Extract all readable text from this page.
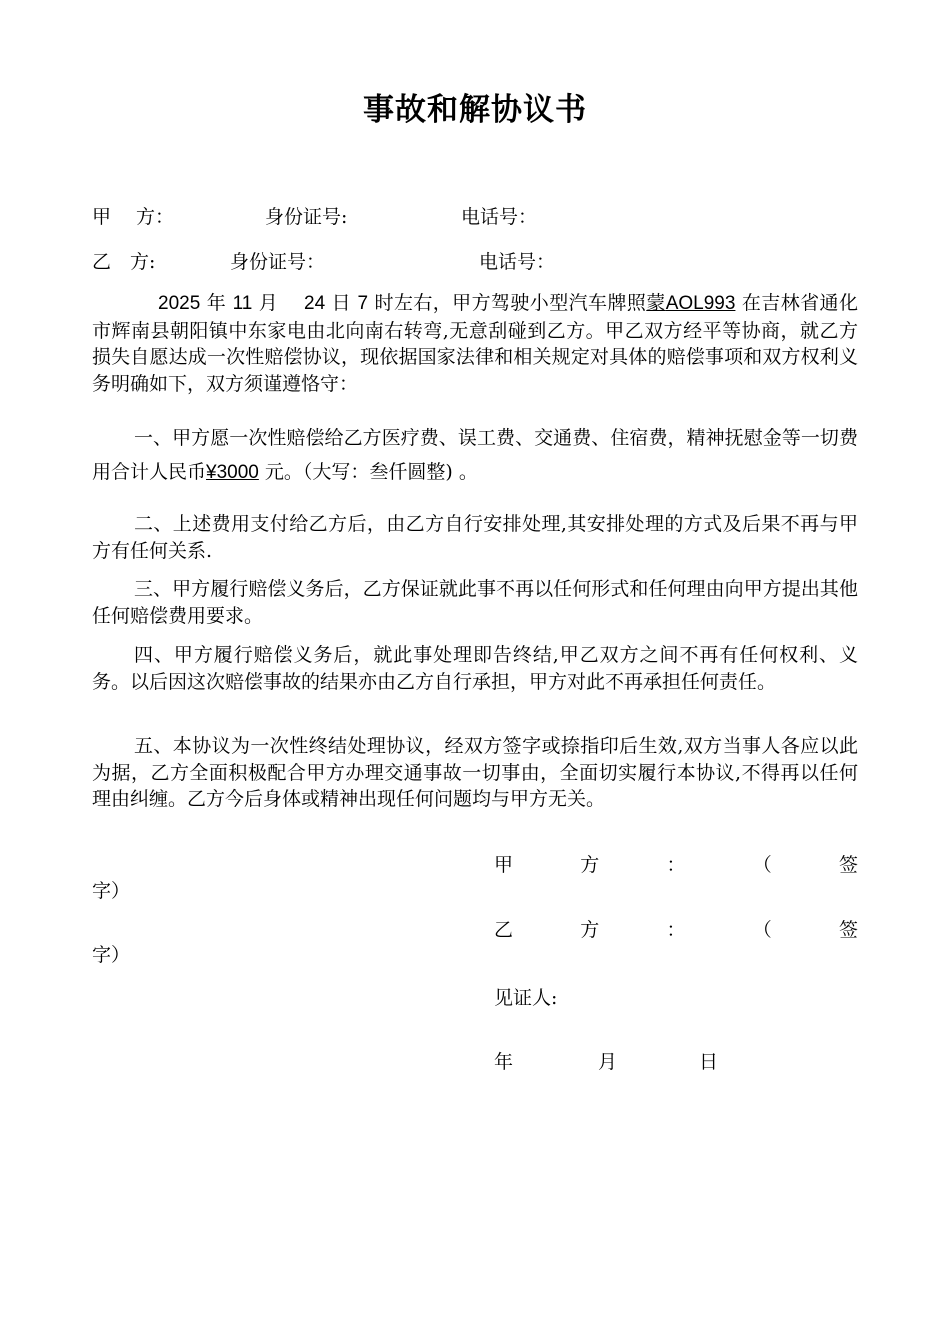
事故和解协议书
甲　 方：	身份证号:	电话号：
乙　方:	身份证号：	电话号：
2025 年 11 月 24 日 7 时左右，甲方驾驶小型汽车牌照蒙AOL993 在吉林省通化市辉南县朝阳镇中东家电由北向南右转弯,无意刮碰到乙方。甲乙双方经平等协商，就乙方损失自愿达成一次性赔偿协议，现依据国家法律和相关规定对具体的赔偿事项和双方权利义务明确如下，双方须谨遵恪守：
一、甲方愿一次性赔偿给乙方医疗费、误工费、交通费、住宿费，精神抚慰金等一切费用合计人民币¥3000 元。（大写：叁仟圆整) 。
二、上述费用支付给乙方后，由乙方自行安排处理,其安排处理的方式及后果不再与甲方有任何关系.
三、甲方履行赔偿义务后，乙方保证就此事不再以任何形式和任何理由向甲方提出其他任何赔偿费用要求。
四、甲方履行赔偿义务后，就此事处理即告终结,甲乙双方之间不再有任何权利、义务。以后因这次赔偿事故的结果亦由乙方自行承担，甲方对此不再承担任何责任。
五、本协议为一次性终结处理协议，经双方签字或捺指印后生效,双方当事人各应以此为据，乙方全面积极配合甲方办理交通事故一切事由，全面切实履行本协议,不得再以任何理由纠缠。乙方今后身体或精神出现任何问题均与甲方无关。
甲	方	：	（	签
字）
乙	方	：	（	签
字）
见证人:
年	月	日
